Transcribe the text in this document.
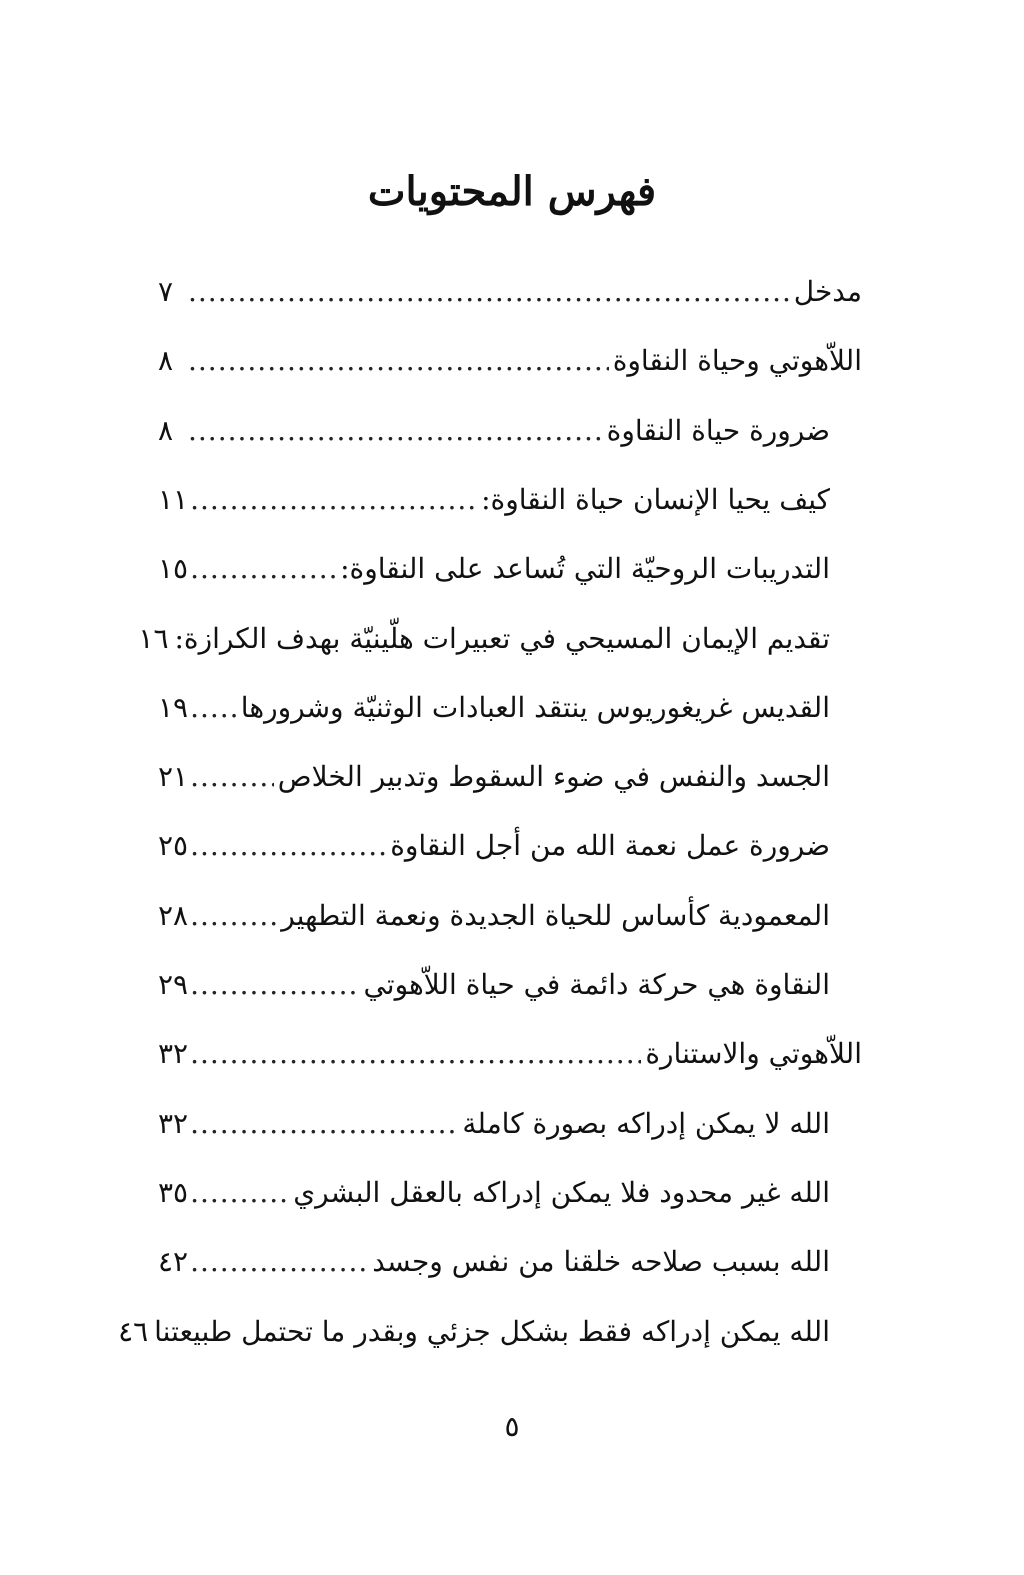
فهرس المحتويات
مدخل
.....
٧
اللاّهوتي وحياة النقاوة
.....
٨
ضرورة حياة النقاوة
.....
٨
كيف يحيا الإنسان حياة النقاوة:
.....
١١
التدريبات الروحيّة التي تُساعد على النقاوة:
.....
١٥
تقديم الإيمان المسيحي في تعبيرات هلّينيّة بهدف الكرازة:
١٦
القديس غريغوريوس ينتقد العبادات الوثنيّة وشرورها
.....
١٩
الجسد والنفس في ضوء السقوط وتدبير الخلاص
.....
٢١
ضرورة عمل نعمة الله من أجل النقاوة
.....
٢٥
المعمودية كأساس للحياة الجديدة ونعمة التطهير
.....
٢٨
النقاوة هي حركة دائمة في حياة اللاّهوتي
.....
٢٩
اللاّهوتي والاستنارة
.....
٣٢
الله لا يمكن إدراكه بصورة كاملة
.....
٣٢
الله غير محدود فلا يمكن إدراكه بالعقل البشري
.....
٣٥
الله بسبب صلاحه خلقنا من نفس وجسد
.....
٤٢
الله يمكن إدراكه فقط بشكل جزئي وبقدر ما تحتمل طبيعتنا
٤٦
٥
